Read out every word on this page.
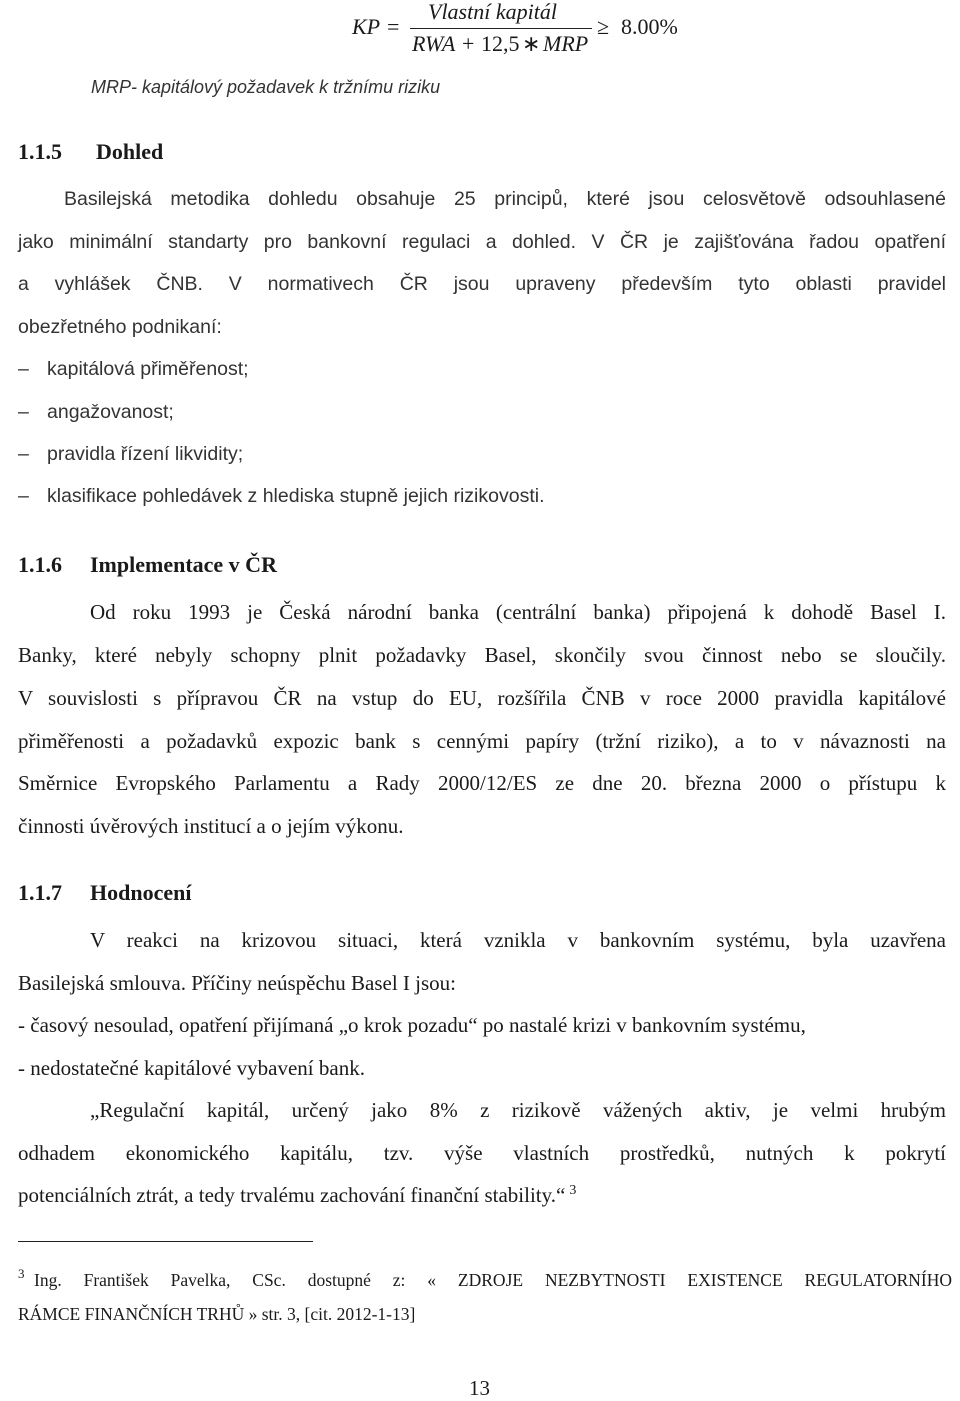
KP =
Vlastní kapitál
RWA + 12,5 ∗ MRP
≥ 8.00%
MRP- kapitálový požadavek k tržnímu riziku
1.1.5 Dohled
Basilejská metodika dohledu obsahuje 25 principů, které jsou celosvětově odsouhlasené
jako minimální standarty pro bankovní regulaci a dohled. V ČR je zajišťována řadou opatření
a vyhlášek ČNB. V normativech ČR jsou upraveny především tyto oblasti pravidel
obezřetného podnikaní:
– kapitálová přiměřenost;
– angažovanost;
– pravidla řízení likvidity;
– klasifikace pohledávek z hlediska stupně jejich rizikovosti.
1.1.6 Implementace v ČR
Od roku 1993 je Česká národní banka (centrální banka) připojená k dohodě Basel I.
Banky, které nebyly schopny plnit požadavky Basel, skončily svou činnost nebo se sloučily.
V souvislosti s přípravou ČR na vstup do EU, rozšířila ČNB v roce 2000 pravidla kapitálové
přiměřenosti a požadavků expozic bank s cennými papíry (tržní riziko), a to v návaznosti na
Směrnice Evropského Parlamentu a Rady 2000/12/ES ze dne 20. března 2000 o přístupu k
činnosti úvěrových institucí a o jejím výkonu.
1.1.7 Hodnocení
V reakci na krizovou situaci, která vznikla v bankovním systému, byla uzavřena
Basilejská smlouva. Příčiny neúspěchu Basel I jsou:
- časový nesoulad, opatření přijímaná „o krok pozadu“ po nastalé krizi v bankovním systému,
- nedostatečné kapitálové vybavení bank.
„Regulační kapitál, určený jako 8% z rizikově vážených aktiv, je velmi hrubým
odhadem ekonomického kapitálu, tzv. výše vlastních prostředků, nutných k pokrytí
potenciálních ztrát, a tedy trvalému zachování finanční stability.“ $^3$
3 Ing. František Pavelka, CSc. dostupné z: « ZDROJE NEZBYTNOSTI EXISTENCE REGULATORNÍHO
RÁMCE FINANČNÍCH TRHŮ » str. 3, [cit. 2012-1-13]
13
